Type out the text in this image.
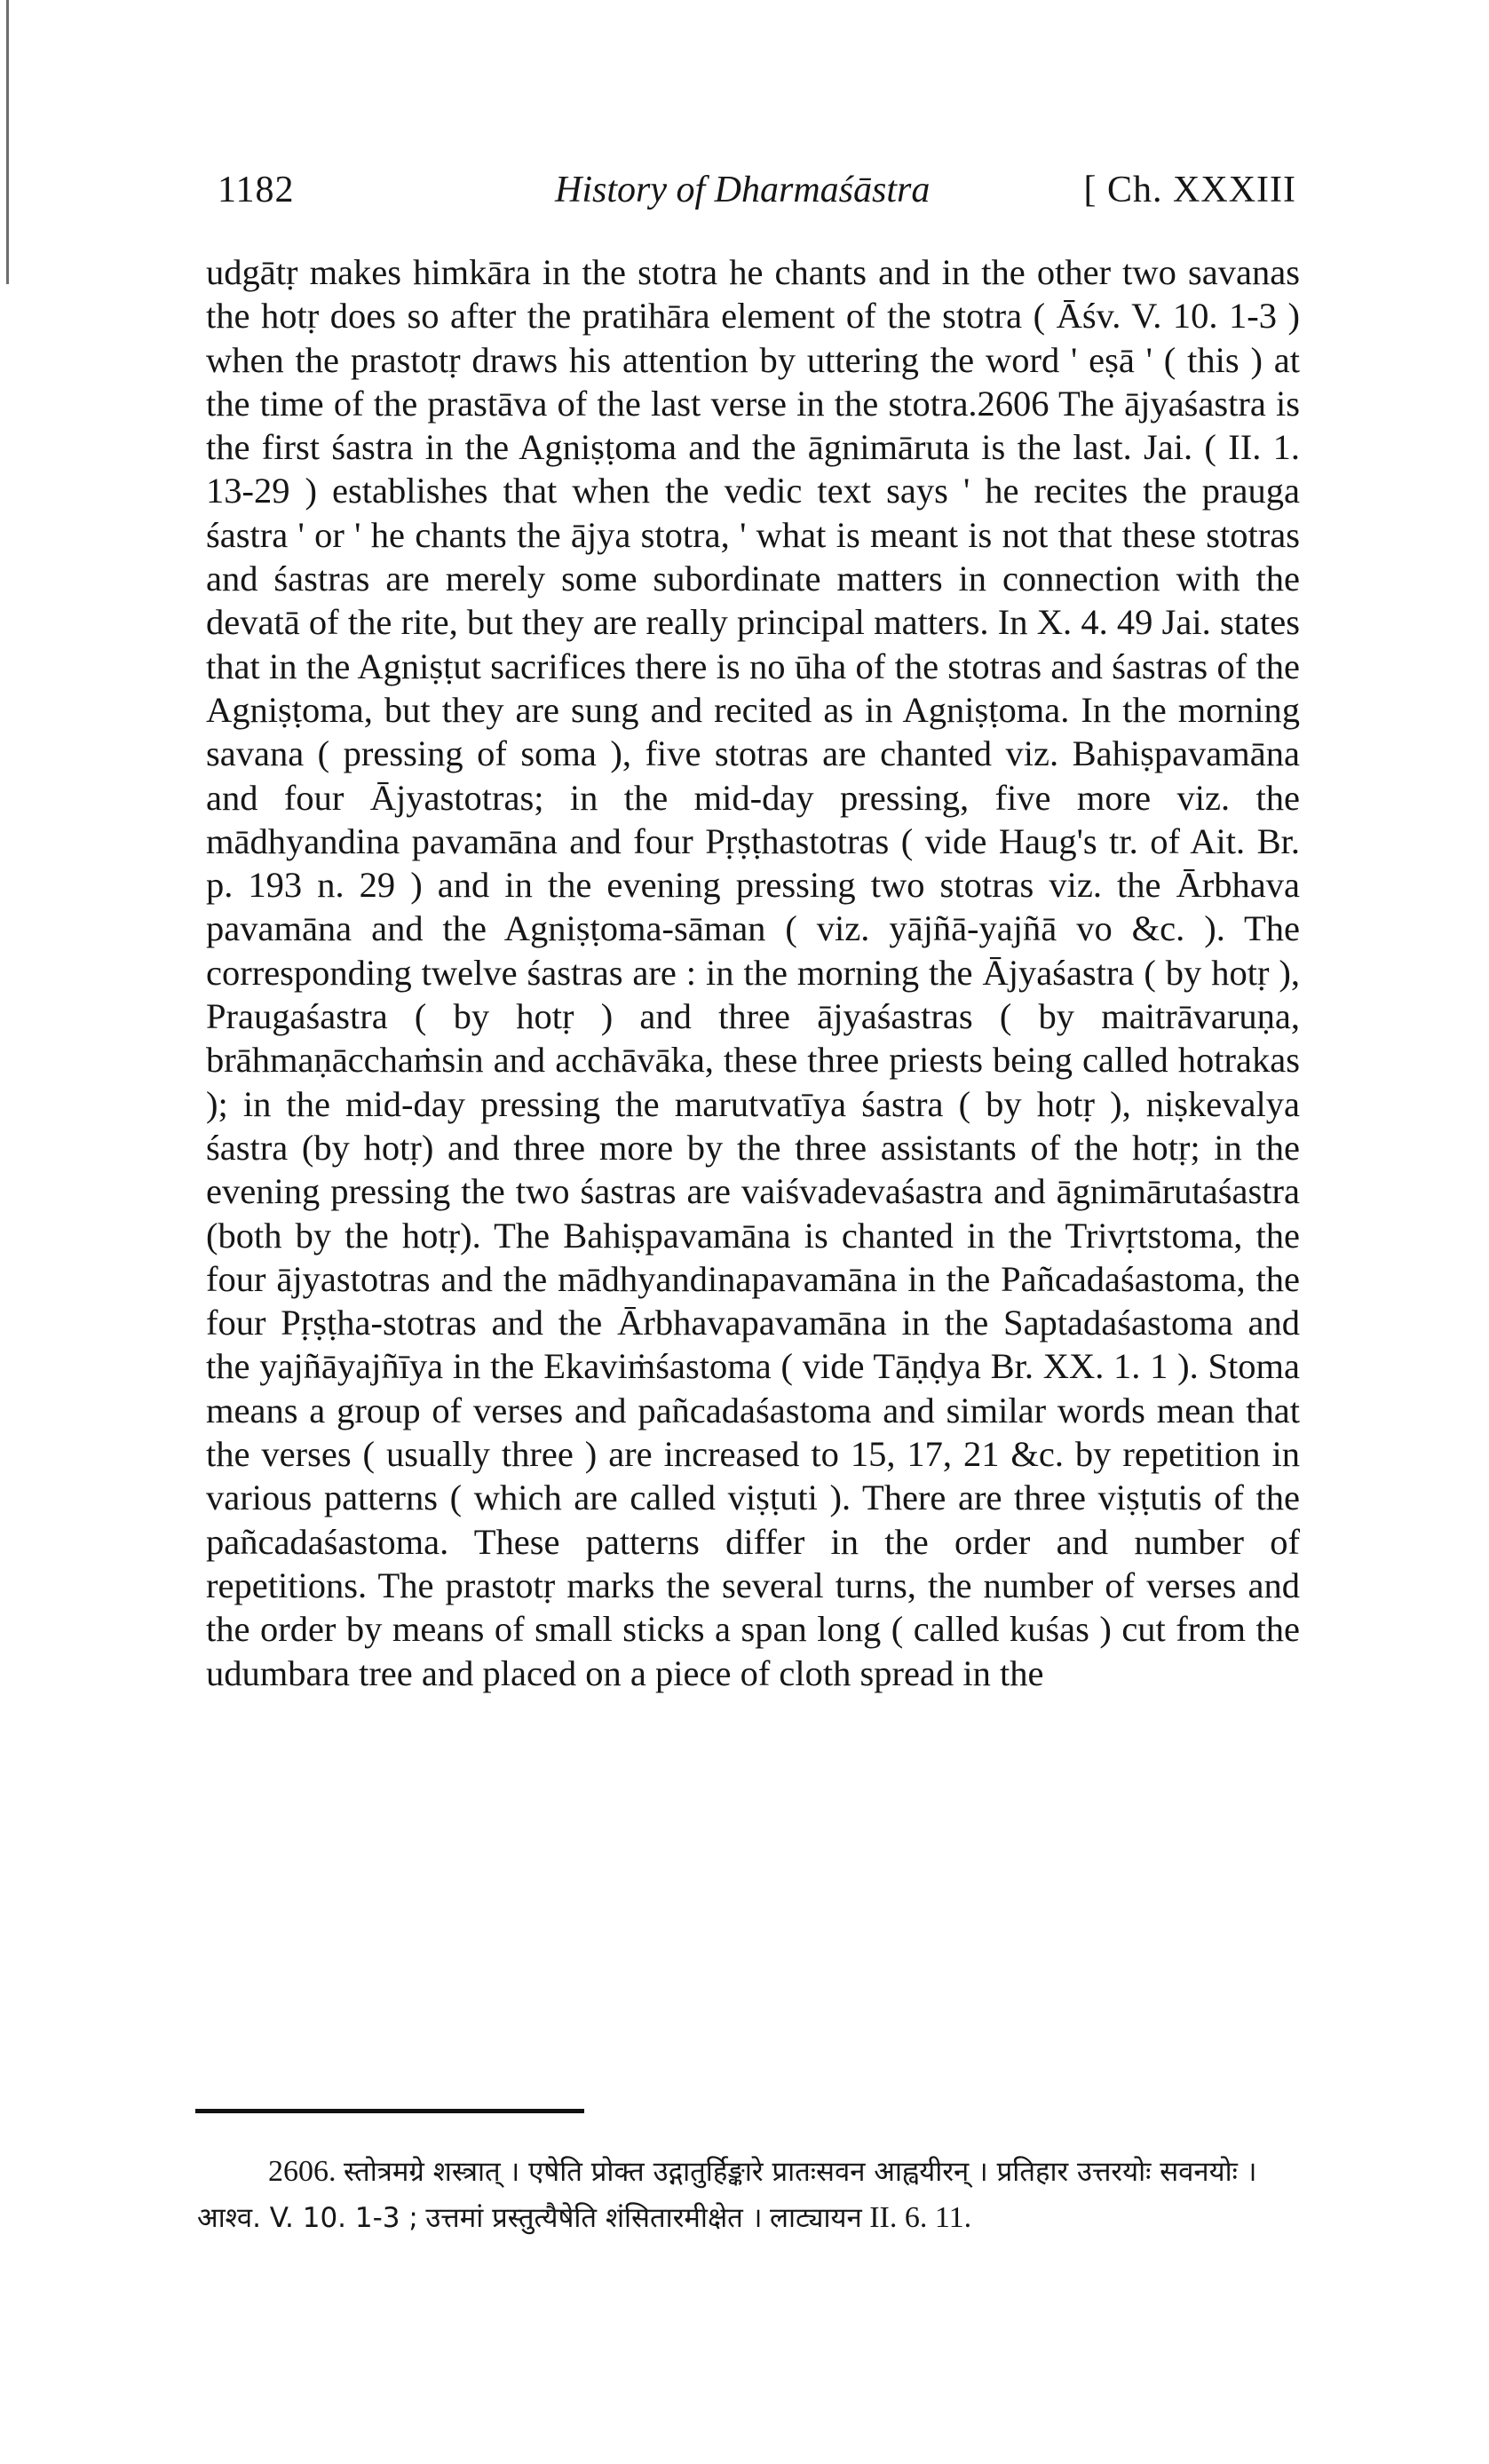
1182	History of Dharmaśāstra	[ Ch. XXXIII

udgātṛ makes himkāra in the stotra he chants and in the other two savanas the hotṛ does so after the pratihāra element of the stotra ( Āśv. V. 10. 1-3 ) when the prastotṛ draws his attention by uttering the word ' eṣā ' ( this ) at the time of the prastāva of the last verse in the stotra.2606 The ājyaśastra is the first śastra in the Agniṣṭoma and the āgnimāruta is the last. Jai. ( II. 1. 13-29 ) establishes that when the vedic text says ' he recites the prauga śastra ' or ' he chants the ājya stotra, ' what is meant is not that these stotras and śastras are merely some subordinate matters in connection with the devatā of the rite, but they are really principal matters. In X. 4. 49 Jai. states that in the Agniṣṭut sacrifices there is no ūha of the stotras and śastras of the Agniṣṭoma, but they are sung and recited as in Agniṣṭoma. In the morning savana ( pressing of soma ), five stotras are chanted viz. Bahiṣpavamāna and four Ājyastotras; in the mid-day pressing, five more viz. the mādhyandina pavamāna and four Pṛṣṭhastotras ( vide Haug's tr. of Ait. Br. p. 193 n. 29 ) and in the evening pressing two stotras viz. the Ārbhava pavamāna and the Agniṣṭoma-sāman ( viz. yājñā-yajñā vo &c. ). The corresponding twelve śastras are : in the morning the Ājyaśastra ( by hotṛ ), Praugaśastra ( by hotṛ ) and three ājyaśastras ( by maitrāvaruṇa, brāhmaṇācchaṁsin and acchāvāka, these three priests being called hotrakas ); in the mid-day pressing the marutvatīya śastra ( by hotṛ ), niṣkevalya śastra (by hotṛ) and three more by the three assistants of the hotṛ; in the evening pressing the two śastras are vaiśvadevaśastra and āgnimārutaśastra (both by the hotṛ). The Bahiṣpavamāna is chanted in the Trivṛtstoma, the four ājyastotras and the mādhyandinapavamāna in the Pañcadaśastoma, the four Pṛṣṭha-stotras and the Ārbhavapavamāna in the Saptadaśastoma and the yajñāyajñīya in the Ekaviṁśastoma ( vide Tāṇḍya Br. XX. 1. 1 ). Stoma means a group of verses and pañcadaśastoma and similar words mean that the verses ( usually three ) are increased to 15, 17, 21 &c. by repetition in various patterns ( which are called viṣṭuti ). There are three viṣṭutis of the pañcadaśastoma. These patterns differ in the order and number of repetitions. The prastotṛ marks the several turns, the number of verses and the order by means of small sticks a span long ( called kuśas ) cut from the udumbara tree and placed on a piece of cloth spread in the

2606. स्तोत्रमग्रे शस्त्रात् । एषेति प्रोक्त उद्गातुर्हिङ्कारे प्रातःसवन आह्वयीरन् । प्रतिहार उत्तरयोः सवनयोः । आश्व. V. 10. 1-3 ; उत्तमां प्रस्तुत्यैषेति शंसितारमीक्षेत । लाट्यायन II. 6. 11.
